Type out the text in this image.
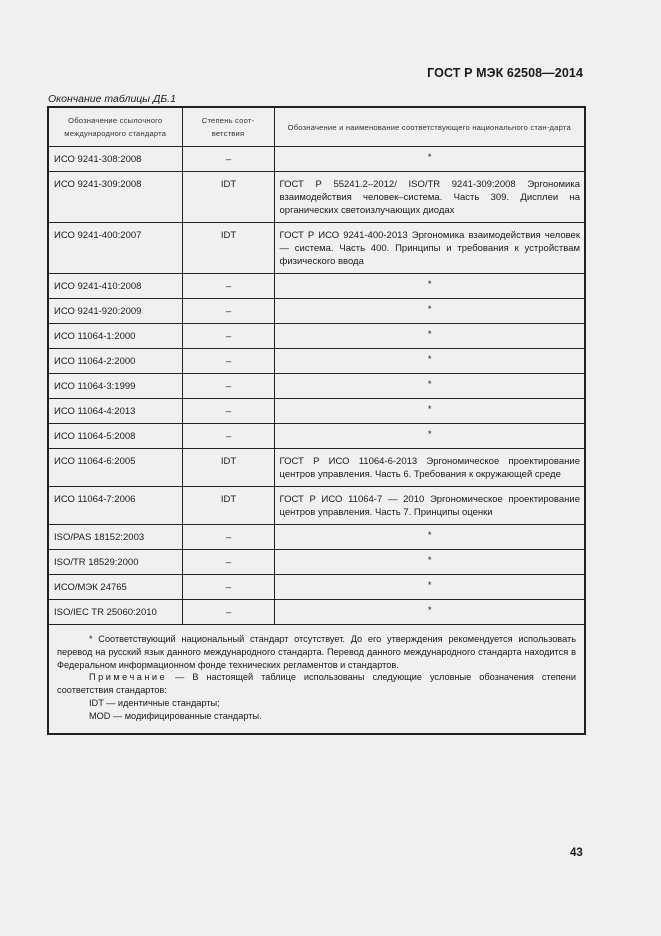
ГОСТ Р МЭК 62508—2014
Окончание таблицы ДБ.1
Обозначение ссылочного международного стандарта	Степень соот-ветствия	Обозначение и наименование соответствующего национального стан-дарта
ИСО 9241-308:2008	–	*
ИСО 9241-309:2008	IDT	ГОСТ Р 55241.2–2012/ ISO/TR 9241-309:2008 Эргономика взаимодействия человек–система. Часть 309. Дисплеи на органических светоизлучающих диодах
ИСО 9241-400:2007	IDT	ГОСТ Р ИСО 9241-400-2013 Эргономика взаимодействия человек — система. Часть 400. Принципы и требования к устройствам физического ввода
ИСО 9241-410:2008	–	*
ИСО 9241-920:2009	–	*
ИСО 11064-1:2000	–	*
ИСО 11064-2:2000	–	*
ИСО 11064-3:1999	–	*
ИСО 11064-4:2013	–	*
ИСО 11064-5:2008	–	*
ИСО 11064-6:2005	IDT	ГОСТ Р ИСО 11064-6-2013 Эргономическое проектирование центров управления. Часть 6. Требования к окружающей среде
ИСО 11064-7:2006	IDT	ГОСТ Р ИСО 11064-7 — 2010 Эргономическое проектирование центров управления. Часть 7. Принципы оценки
ISO/PAS 18152:2003	–	*
ISO/TR 18529:2000	–	*
ИСО/МЭК 24765	–	*
ISO/IEC TR 25060:2010	–	*

* Соответствующий национальный стандарт отсутствует. До его утверждения рекомендуется использовать перевод на русский язык данного международного стандарта. Перевод данного международного стандарта находится в Федеральном информационном фонде технических регламентов и стандартов.

Примечание — В настоящей таблице использованы следующие условные обозначения степени соответствия стандартов:

IDT — идентичные стандарты;

MOD — модифицированные стандарты.		

43
